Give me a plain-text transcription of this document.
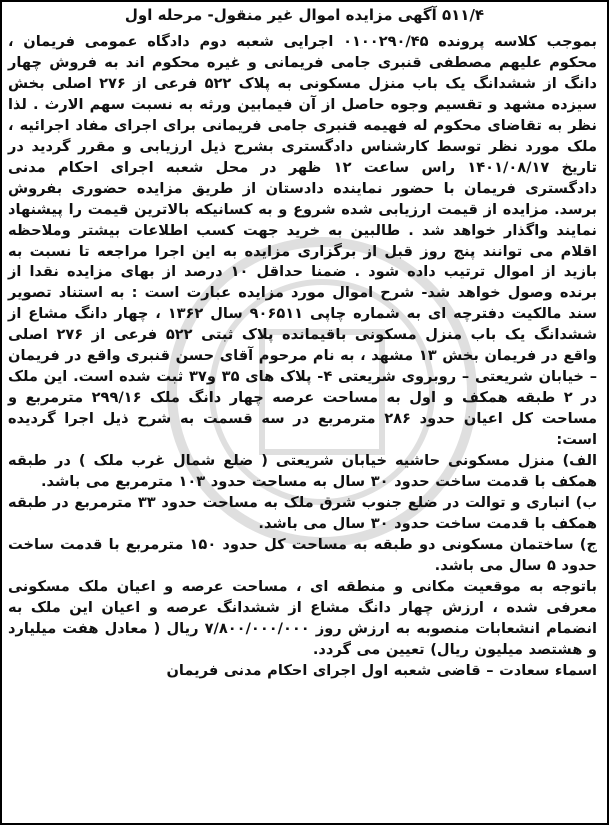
۵۱۱/۴ آگهی مزایده اموال غیر منقول- مرحله اول

بموجب کلاسه پرونده ۰۱۰۰۲۹۰/۴۵ اجرایی شعبه دوم دادگاه عمومی فریمان ، محکوم علیهم مصطفی قنبری جامی فریمانی و غیره محکوم اند به فروش چهار دانگ از ششدانگ یک باب منزل مسکونی به پلاک ۵۲۲ فرعی از ۲۷۶ اصلی بخش سیزده مشهد و تقسیم وجوه حاصل از آن فیمابین ورثه به نسبت سهم الارث . لذا نظر به تقاضای محکوم له فهیمه قنبری جامی فریمانی برای اجرای مفاد اجرائیه ، ملک مورد نظر توسط کارشناس دادگستری بشرح ذیل ارزیابی و مقرر گردید در تاریخ ۱۴۰۱/۰۸/۱۷ راس ساعت ۱۲ ظهر در محل شعبه اجرای احکام مدنی دادگستری فریمان با حضور نماینده دادستان از طریق مزایده حضوری بفروش برسد. مزایده از قیمت ارزیابی شده شروع و به کسانیکه بالاترین قیمت را پیشنهاد نمایند واگذار خواهد شد . طالبین به خرید جهت کسب اطلاعات بیشتر وملاحظه اقلام می توانند پنج روز قبل از برگزاری مزایده به این اجرا مراجعه تا نسبت به بازید از اموال ترتیب داده شود . ضمنا حداقل ۱۰ درصد از بهای مزایده نقدا از برنده وصول خواهد شد- شرح اموال مورد مزایده عبارت است : به استناد تصویر سند مالکیت دفترچه ای به شماره چاپی ۹۰۶۵۱۱ سال ۱۳۶۲ ، چهار دانگ مشاع از ششدانگ یک باب منزل مسکونی باقیمانده پلاک ثبتی ۵۲۲ فرعی از ۲۷۶ اصلی واقع در فریمان بخش ۱۳ مشهد ، به نام مرحوم آقای حسن قنبری واقع در فریمان – خیابان شریعتی – روبروی شریعتی ۴- پلاک های ۳۵ و۳۷ ثبت شده است. این ملک در ۲ طبقه همکف و اول به مساحت عرصه چهار دانگ ملک ۲۹۹/۱۶ مترمربع و مساحت کل اعیان حدود ۲۸۶ مترمربع در سه قسمت به شرح ذیل اجرا گردیده است:

الف) منزل مسکونی حاشیه خیابان شریعتی ( ضلع شمال غرب ملک ) در طبقه همکف با قدمت ساخت حدود ۳۰ سال به مساحت حدود ۱۰۳ مترمربع می باشد.

ب) انباری و توالت در ضلع جنوب شرق ملک به مساحت حدود ۳۳ مترمربع در طبقه همکف با قدمت ساخت حدود ۳۰ سال می باشد.

ج) ساختمان مسکونی دو طبقه به مساحت کل حدود ۱۵۰ مترمربع با قدمت ساخت حدود ۵ سال می باشد.

باتوجه به موقعیت مکانی و منطقه ای ، مساحت عرصه و اعیان ملک مسکونی معرفی شده ، ارزش چهار دانگ مشاع از ششدانگ عرصه و اعیان این ملک به انضمام انشعابات منصوبه به ارزش روز ۷/۸۰۰/۰۰۰/۰۰۰ ریال ( معادل هفت میلیارد و هشتصد میلیون ریال) تعیین می گردد.

اسماء سعادت – قاضی شعبه اول اجرای احکام مدنی فریمان
